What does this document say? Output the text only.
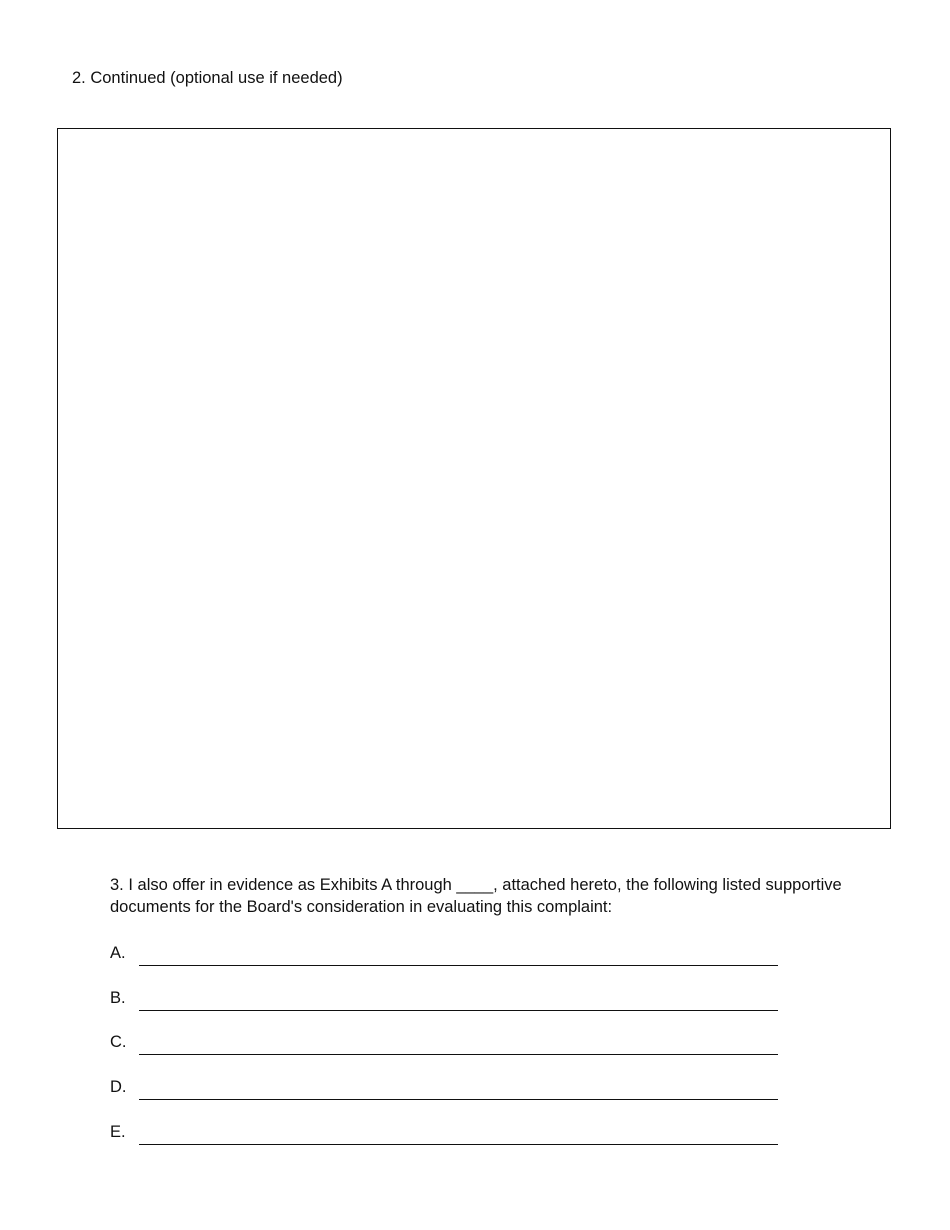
2. Continued (optional use if needed)
3. I also offer in evidence as Exhibits A through ____, attached hereto, the following listed supportive documents for the Board's consideration in evaluating this complaint:
A.
B.
C.
D.
E.
